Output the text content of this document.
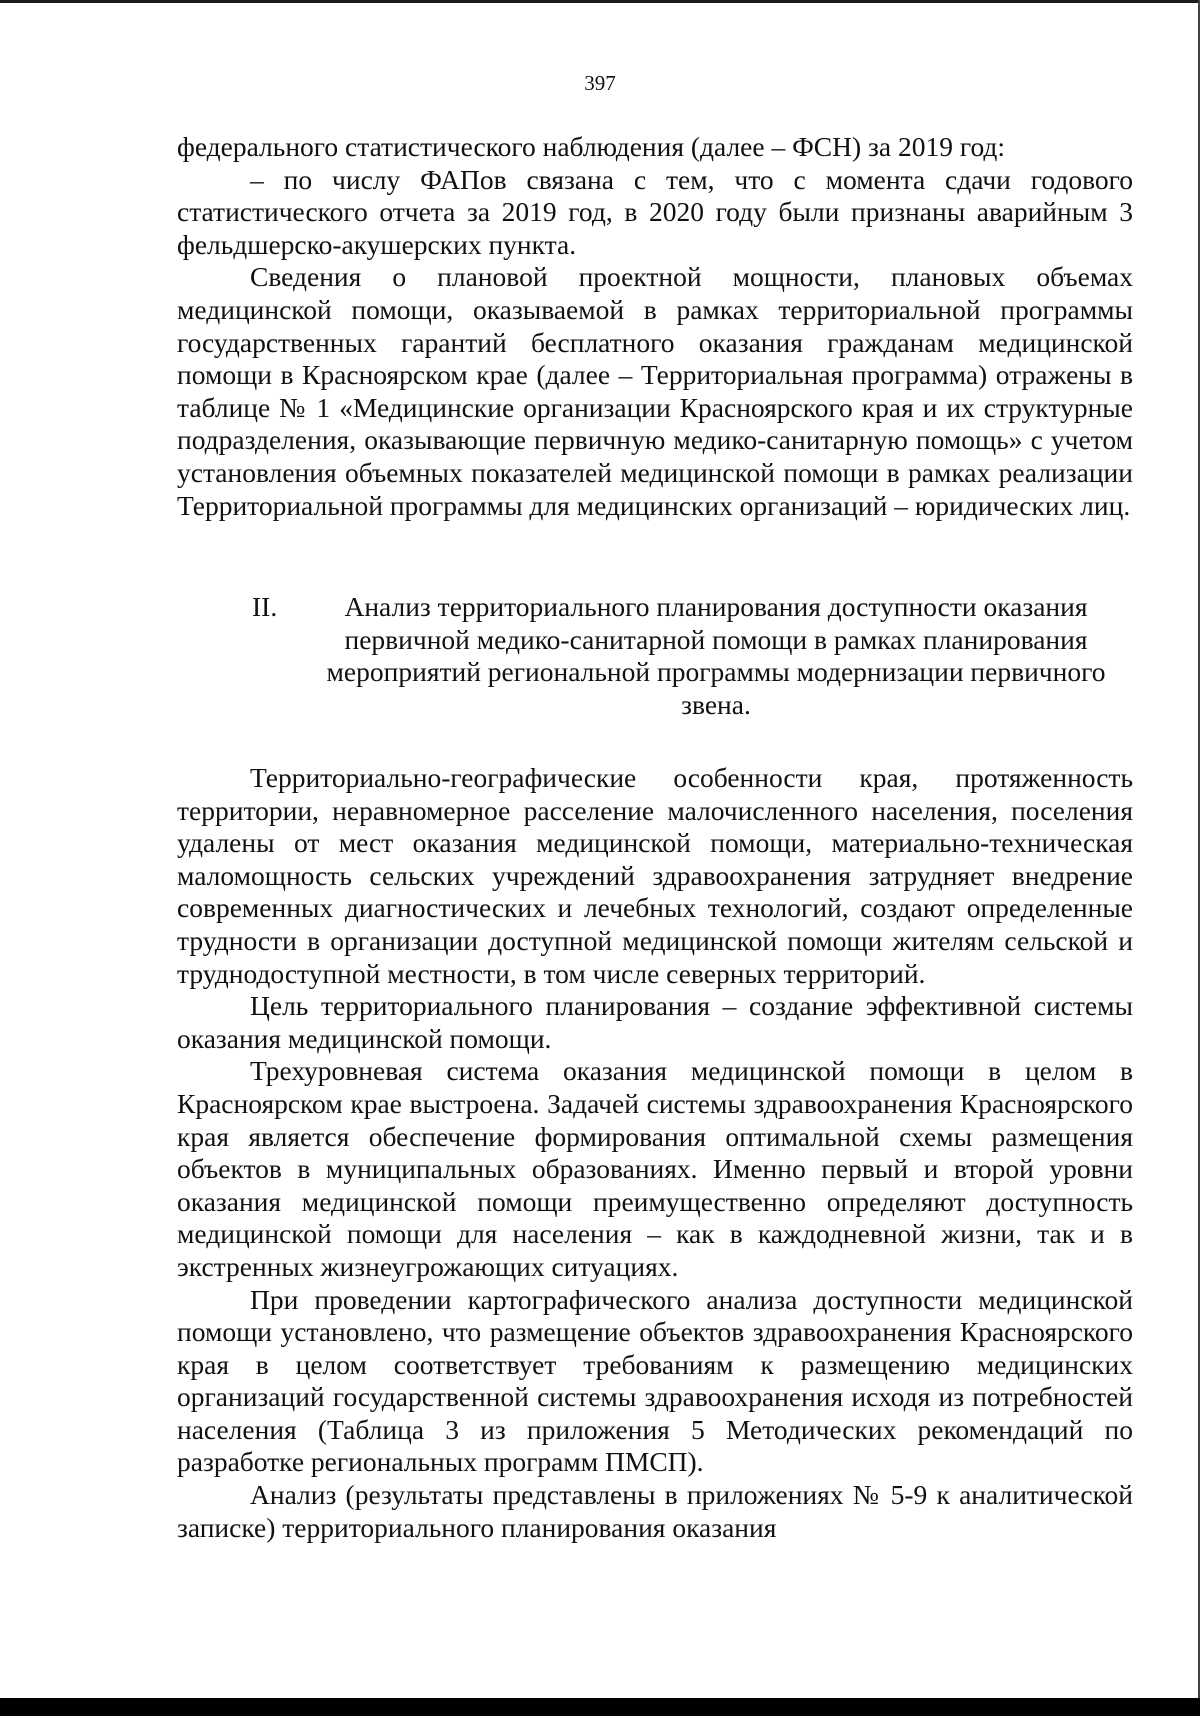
397

федерального статистического наблюдения (далее – ФСН) за 2019 год:

– по числу ФАПов связана с тем, что с момента сдачи годового статистического отчета за 2019 год, в 2020 году были признаны аварийным 3 фельдшерско-акушерских пункта.

Сведения о плановой проектной мощности, плановых объемах медицинской помощи, оказываемой в рамках территориальной программы государственных гарантий бесплатного оказания гражданам медицинской помощи в Красноярском крае (далее – Территориальная программа) отражены в таблице № 1 «Медицинские организации Красноярского края и их структурные подразделения, оказывающие первичную медико-санитарную помощь» с учетом установления объемных показателей медицинской помощи в рамках реализации Территориальной программы для медицинских организаций – юридических лиц.

II.	Анализ территориального планирования доступности оказания первичной медико-санитарной помощи в рамках планирования мероприятий региональной программы модернизации первичного звена.

Территориально-географические особенности края, протяженность территории, неравномерное расселение малочисленного населения, поселения удалены от мест оказания медицинской помощи, материально-техническая маломощность сельских учреждений здравоохранения затрудняет внедрение современных диагностических и лечебных технологий, создают определенные трудности в организации доступной медицинской помощи жителям сельской и труднодоступной местности, в том числе северных территорий.

Цель территориального планирования – создание эффективной системы оказания медицинской помощи.

Трехуровневая система оказания медицинской помощи в целом в Красноярском крае выстроена. Задачей системы здравоохранения Красноярского края является обеспечение формирования оптимальной схемы размещения объектов в муниципальных образованиях. Именно первый и второй уровни оказания медицинской помощи преимущественно определяют доступность медицинской помощи для населения – как в каждодневной жизни, так и в экстренных жизнеугрожающих ситуациях.

При проведении картографического анализа доступности медицинской помощи установлено, что размещение объектов здравоохранения Красноярского края в целом соответствует требованиям к размещению медицинских организаций государственной системы здравоохранения исходя из потребностей населения (Таблица 3 из приложения 5 Методических рекомендаций по разработке региональных программ ПМСП).

Анализ (результаты представлены в приложениях № 5-9 к аналитической записке) территориального планирования оказания
